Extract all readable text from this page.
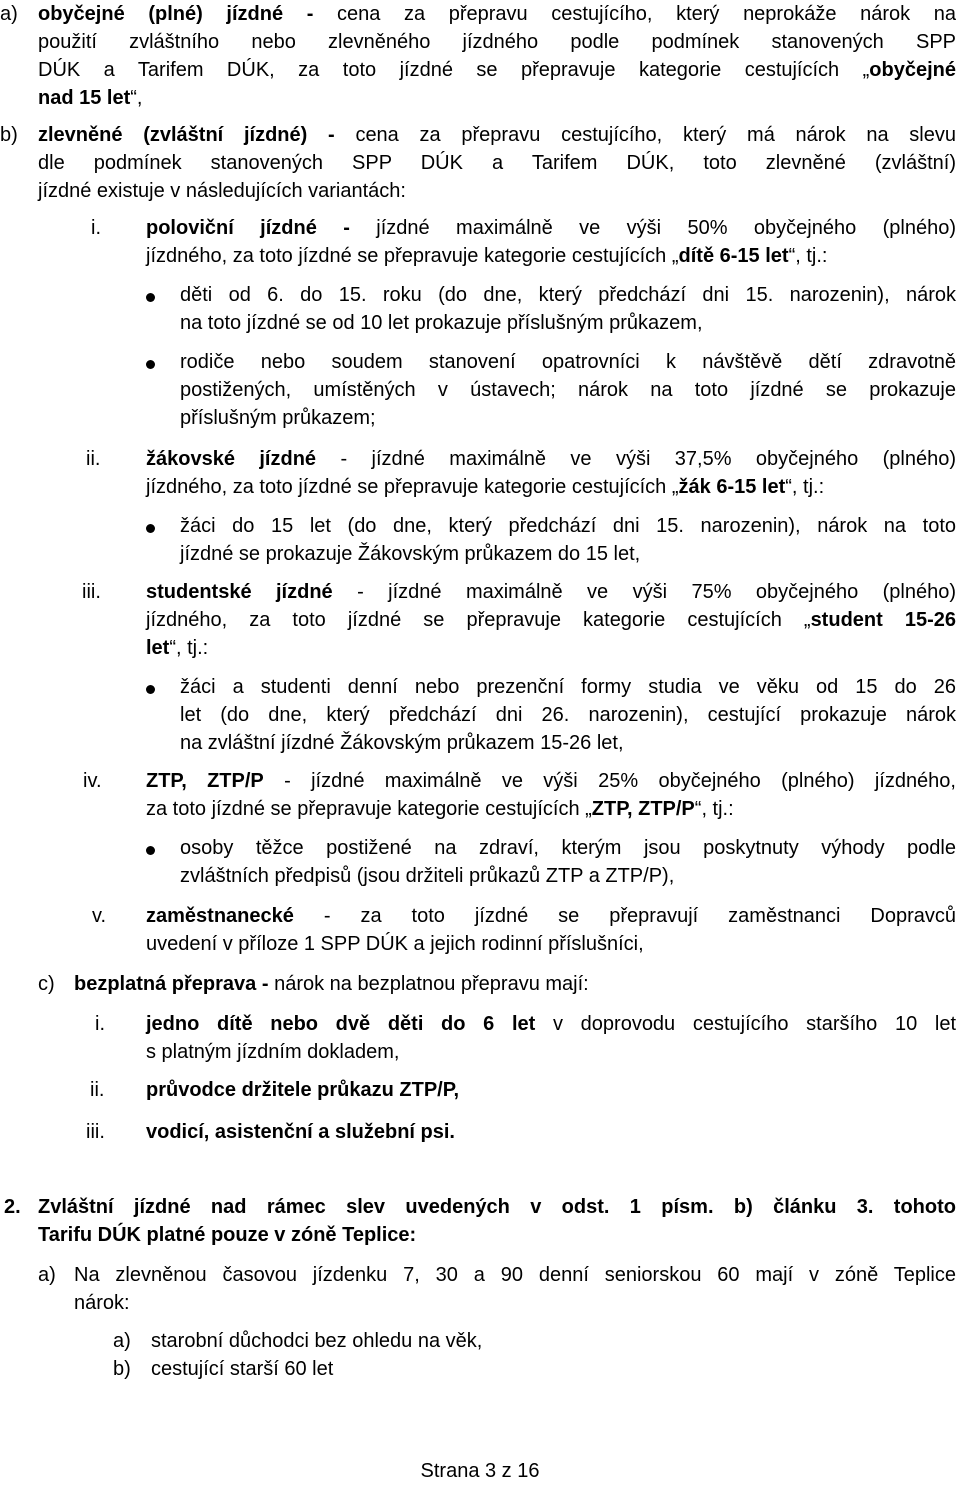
a) obyčejné (plné) jízdné - cena za přepravu cestujícího, který neprokáže nárok na
použití zvláštního nebo zlevněného jízdného podle podmínek stanovených SPP
DÚK a Tarifem DÚK, za toto jízdné se přepravuje kategorie cestujících „obyčejné
nad 15 let“,
b) zlevněné (zvláštní jízdné) - cena za přepravu cestujícího, který má nárok na slevu
dle podmínek stanovených SPP DÚK a Tarifem DÚK, toto zlevněné (zvláštní)
jízdné existuje v následujících variantách:
i. poloviční jízdné - jízdné maximálně ve výši 50% obyčejného (plného)
jízdného, za toto jízdné se přepravuje kategorie cestujících „dítě 6-15 let“, tj.:
děti od 6. do 15. roku (do dne, který předchází dni 15. narozenin), nárok
na toto jízdné se od 10 let prokazuje příslušným průkazem,
rodiče nebo soudem stanovení opatrovníci k návštěvě dětí zdravotně
postižených, umístěných v ústavech; nárok na toto jízdné se prokazuje
příslušným průkazem;
ii. žákovské jízdné - jízdné maximálně ve výši 37,5% obyčejného (plného)
jízdného, za toto jízdné se přepravuje kategorie cestujících „žák 6-15 let“, tj.:
žáci do 15 let (do dne, který předchází dni 15. narozenin), nárok na toto
jízdné se prokazuje Žákovským průkazem do 15 let,
iii. studentské jízdné - jízdné maximálně ve výši 75% obyčejného (plného)
jízdného, za toto jízdné se přepravuje kategorie cestujících „student 15-26
let“, tj.:
žáci a studenti denní nebo prezenční formy studia ve věku od 15 do 26
let (do dne, který předchází dni 26. narozenin), cestující prokazuje nárok
na zvláštní jízdné Žákovským průkazem 15-26 let,
iv. ZTP, ZTP/P - jízdné maximálně ve výši 25% obyčejného (plného) jízdného,
za toto jízdné se přepravuje kategorie cestujících „ZTP, ZTP/P“, tj.:
osoby těžce postižené na zdraví, kterým jsou poskytnuty výhody podle
zvláštních předpisů (jsou držiteli průkazů ZTP a ZTP/P),
v. zaměstnanecké - za toto jízdné se přepravují zaměstnanci Dopravců
uvedení v příloze 1 SPP DÚK a jejich rodinní příslušníci,
c) bezplatná přeprava - nárok na bezplatnou přepravu mají:
i. jedno dítě nebo dvě děti do 6 let v doprovodu cestujícího staršího 10 let
s platným jízdním dokladem,
ii. průvodce držitele průkazu ZTP/P,
iii. vodicí, asistenční a služební psi.
2. Zvláštní jízdné nad rámec slev uvedených v odst. 1 písm. b) článku 3. tohoto
Tarifu DÚK platné pouze v zóně Teplice:
a) Na zlevněnou časovou jízdenku 7, 30 a 90 denní seniorskou 60 mají v zóně Teplice
nárok:
a) starobní důchodci bez ohledu na věk,
b) cestující starší 60 let
Strana 3 z 16
